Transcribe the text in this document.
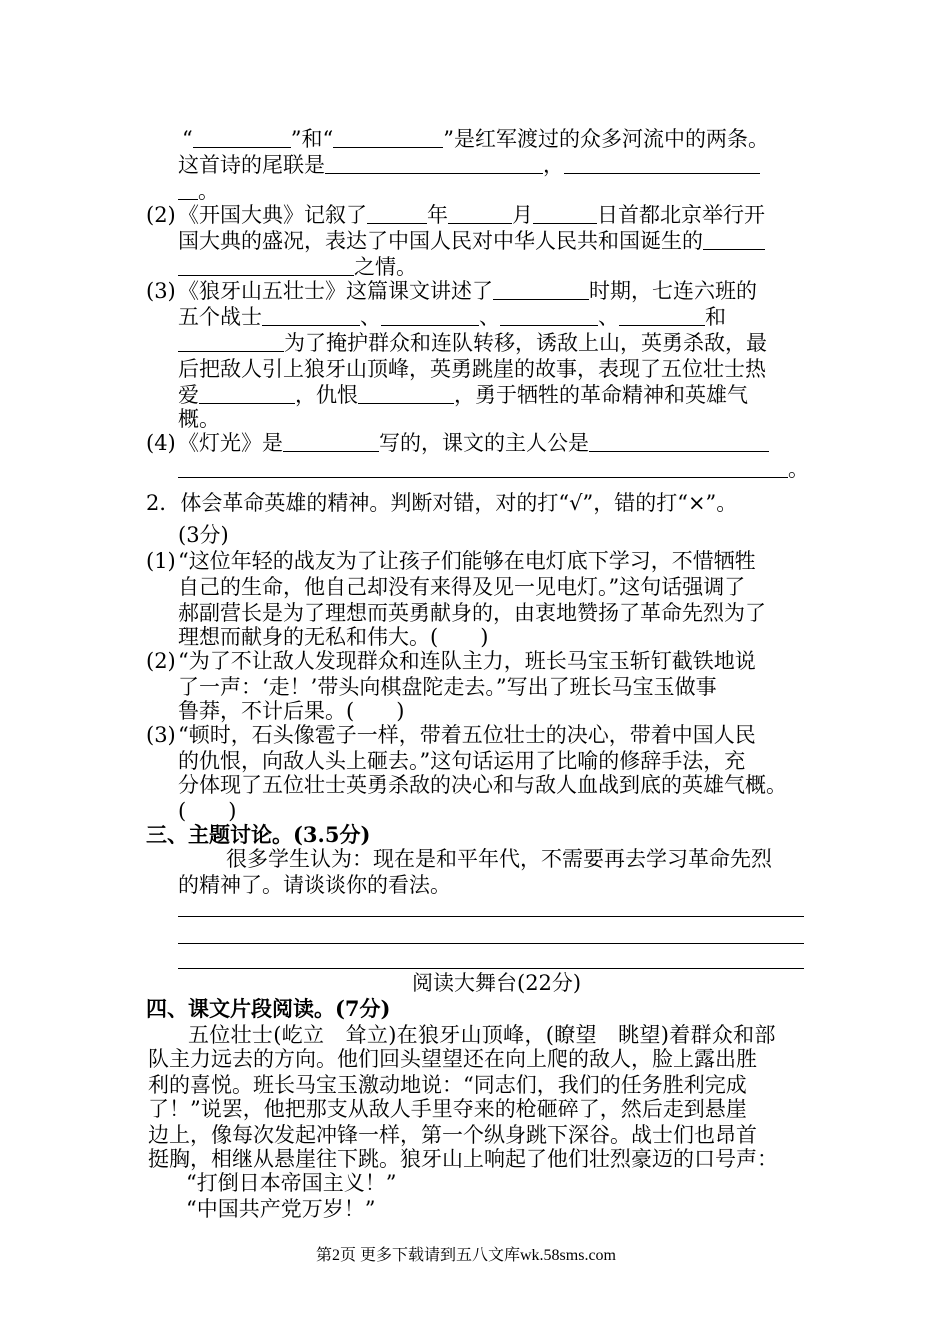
“	”和“	”是红军渡过的众多河流中的两条。
这首诗的尾联是	，
。
(2) 《开国大典》记叙了	年	月	日首都北京举行开
国大典的盛况，表达了中国人民对中华人民共和国诞生的
之情。
(3) 《狼牙山五壮士》这篇课文讲述了	时期，七连六班的
五个战士	、	、	、	和
为了掩护群众和连队转移，诱敌上山，英勇杀敌，最
后把敌人引上狼牙山顶峰，英勇跳崖的故事，表现了五位壮士热
爱	，仇恨	，勇于牺牲的革命精神和英雄气
概。
(4) 《灯光》是	写的，课文的主人公是
。
2．体会革命英雄的精神。判断对错，对的打“√”，错的打“×”。
(3分)
(1) “这位年轻的战友为了让孩子们能够在电灯底下学习，不惜牺牲
自己的生命，他自己却没有来得及见一见电灯。”这句话强调了
郝副营长是为了理想而英勇献身的，由衷地赞扬了革命先烈为了
理想而献身的无私和伟大。(　　)
(2) “为了不让敌人发现群众和连队主力，班长马宝玉斩钉截铁地说
了一声：‘走！’带头向棋盘陀走去。”写出了班长马宝玉做事
鲁莽，不计后果。(　　)
(3) “顿时，石头像雹子一样，带着五位壮士的决心，带着中国人民
的仇恨，向敌人头上砸去。”这句话运用了比喻的修辞手法，充
分体现了五位壮士英勇杀敌的决心和与敌人血战到底的英雄气概。
(　　)
三、主题讨论。(3.5分)
很多学生认为：现在是和平年代，不需要再去学习革命先烈
的精神了。请谈谈你的看法。
阅读大舞台(22分)
四、课文片段阅读。(7分)
五位壮士(屹立　耸立)在狼牙山顶峰，(瞭望　眺望)着群众和部
队主力远去的方向。他们回头望望还在向上爬的敌人，脸上露出胜
利的喜悦。班长马宝玉激动地说：“同志们，我们的任务胜利完成
了！”说罢，他把那支从敌人手里夺来的枪砸碎了，然后走到悬崖
边上，像每次发起冲锋一样，第一个纵身跳下深谷。战士们也昂首
挺胸，相继从悬崖往下跳。狼牙山上响起了他们壮烈豪迈的口号声：
“打倒日本帝国主义！”
“中国共产党万岁！”
第2页 更多下载请到五八文库wk.58sms.com
